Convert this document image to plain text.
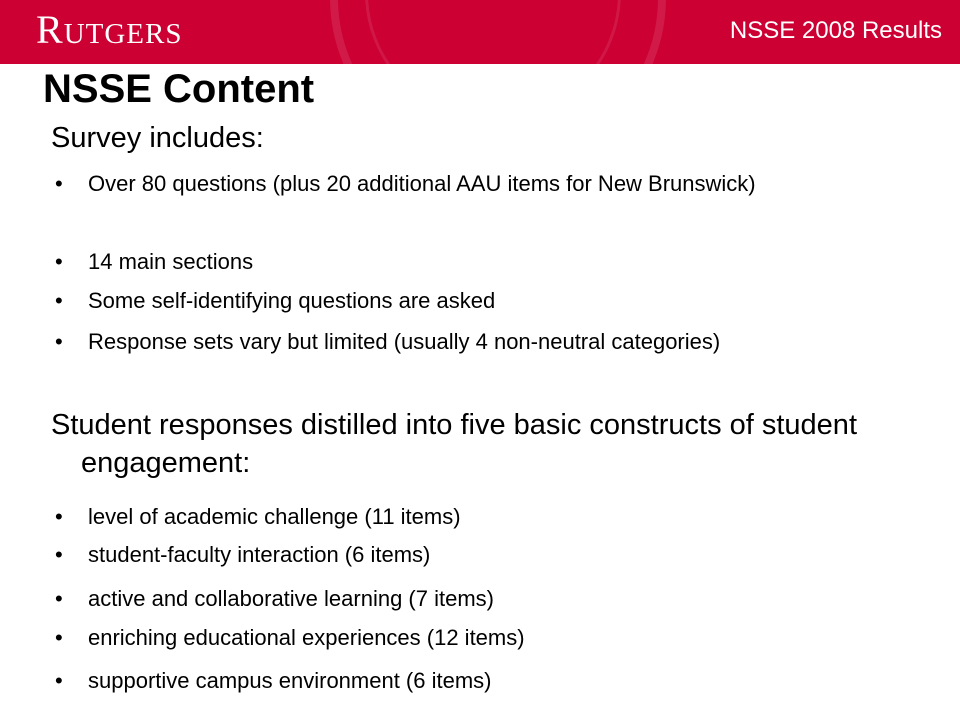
RUTGERS	NSSE 2008 Results
NSSE Content
Survey includes:
• Over 80 questions (plus 20 additional AAU items for New Brunswick)
• 14 main sections
• Some self-identifying questions are asked
• Response sets vary but limited (usually 4 non-neutral categories)
Student responses distilled into five basic constructs of student engagement:
• level of academic challenge (11 items)
• student-faculty interaction (6 items)
• active and collaborative learning (7 items)
• enriching educational experiences (12 items)
• supportive campus environment (6 items)
